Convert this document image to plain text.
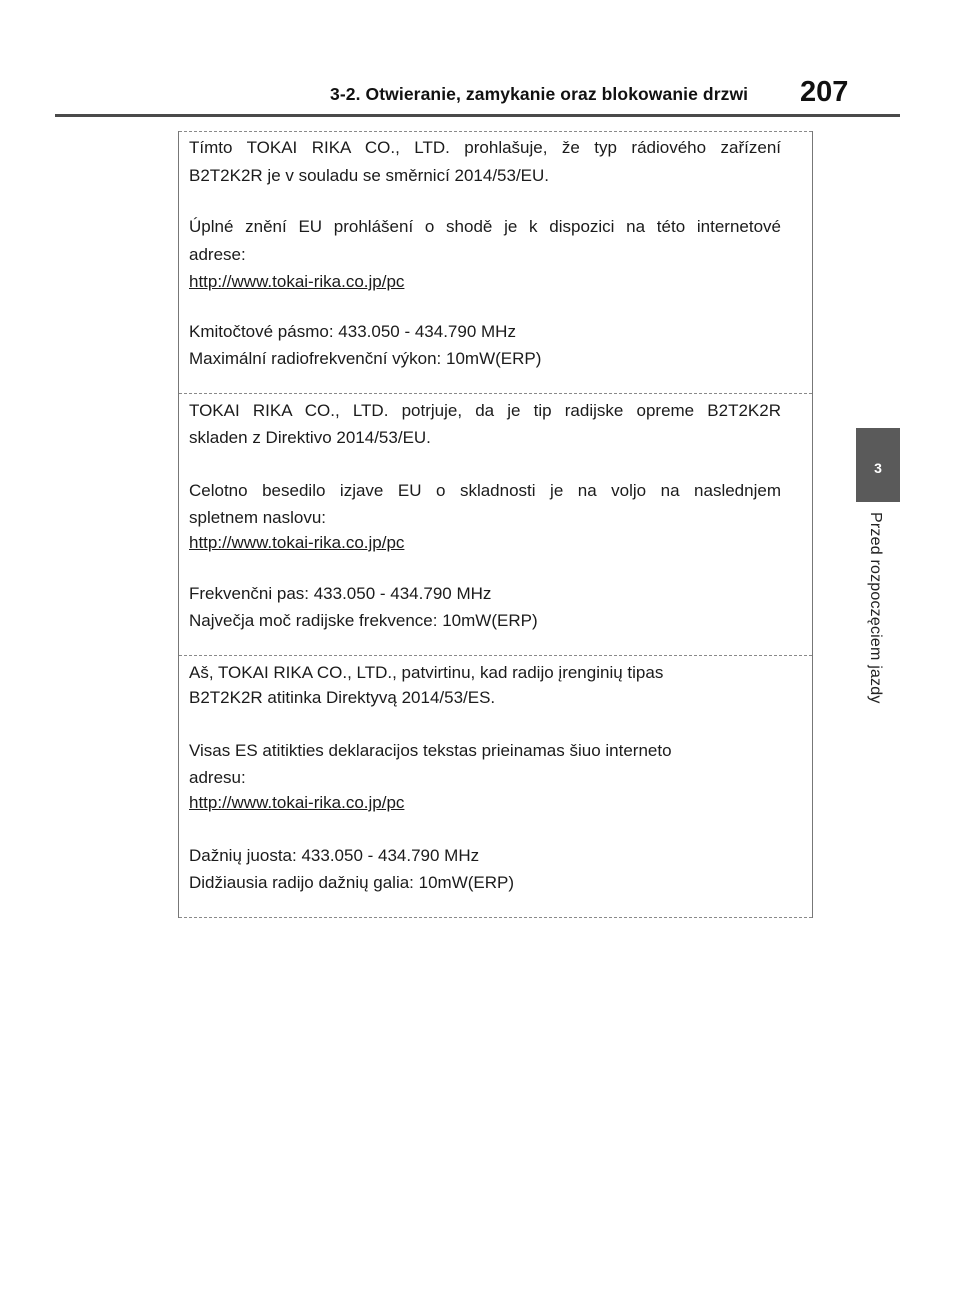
3-2. Otwieranie, zamykanie oraz blokowanie drzwi 207
3
Przed rozpoczęciem jazdy
Tímto TOKAI RIKA CO., LTD. prohlašuje, že typ rádiového zařízení
B2T2K2R je v souladu se směrnicí 2014/53/EU.
Úplné znění EU prohlášení o shodě je k dispozici na této internetové
adrese:
http://www.tokai-rika.co.jp/pc
Kmitočtové pásmo: 433.050 - 434.790 MHz
Maximální radiofrekvenční výkon: 10mW(ERP)
TOKAI RIKA CO., LTD. potrjuje, da je tip radijske opreme B2T2K2R
skladen z Direktivo 2014/53/EU.
Celotno besedilo izjave EU o skladnosti je na voljo na naslednjem
spletnem naslovu:
http://www.tokai-rika.co.jp/pc
Frekvenčni pas: 433.050 - 434.790 MHz
Največja moč radijske frekvence: 10mW(ERP)
Aš, TOKAI RIKA CO., LTD., patvirtinu, kad radijo įrenginių tipas
B2T2K2R atitinka Direktyvą 2014/53/ES.
Visas ES atitikties deklaracijos tekstas prieinamas šiuo interneto
adresu:
http://www.tokai-rika.co.jp/pc
Dažnių juosta: 433.050 - 434.790 MHz
Didžiausia radijo dažnių galia: 10mW(ERP)
